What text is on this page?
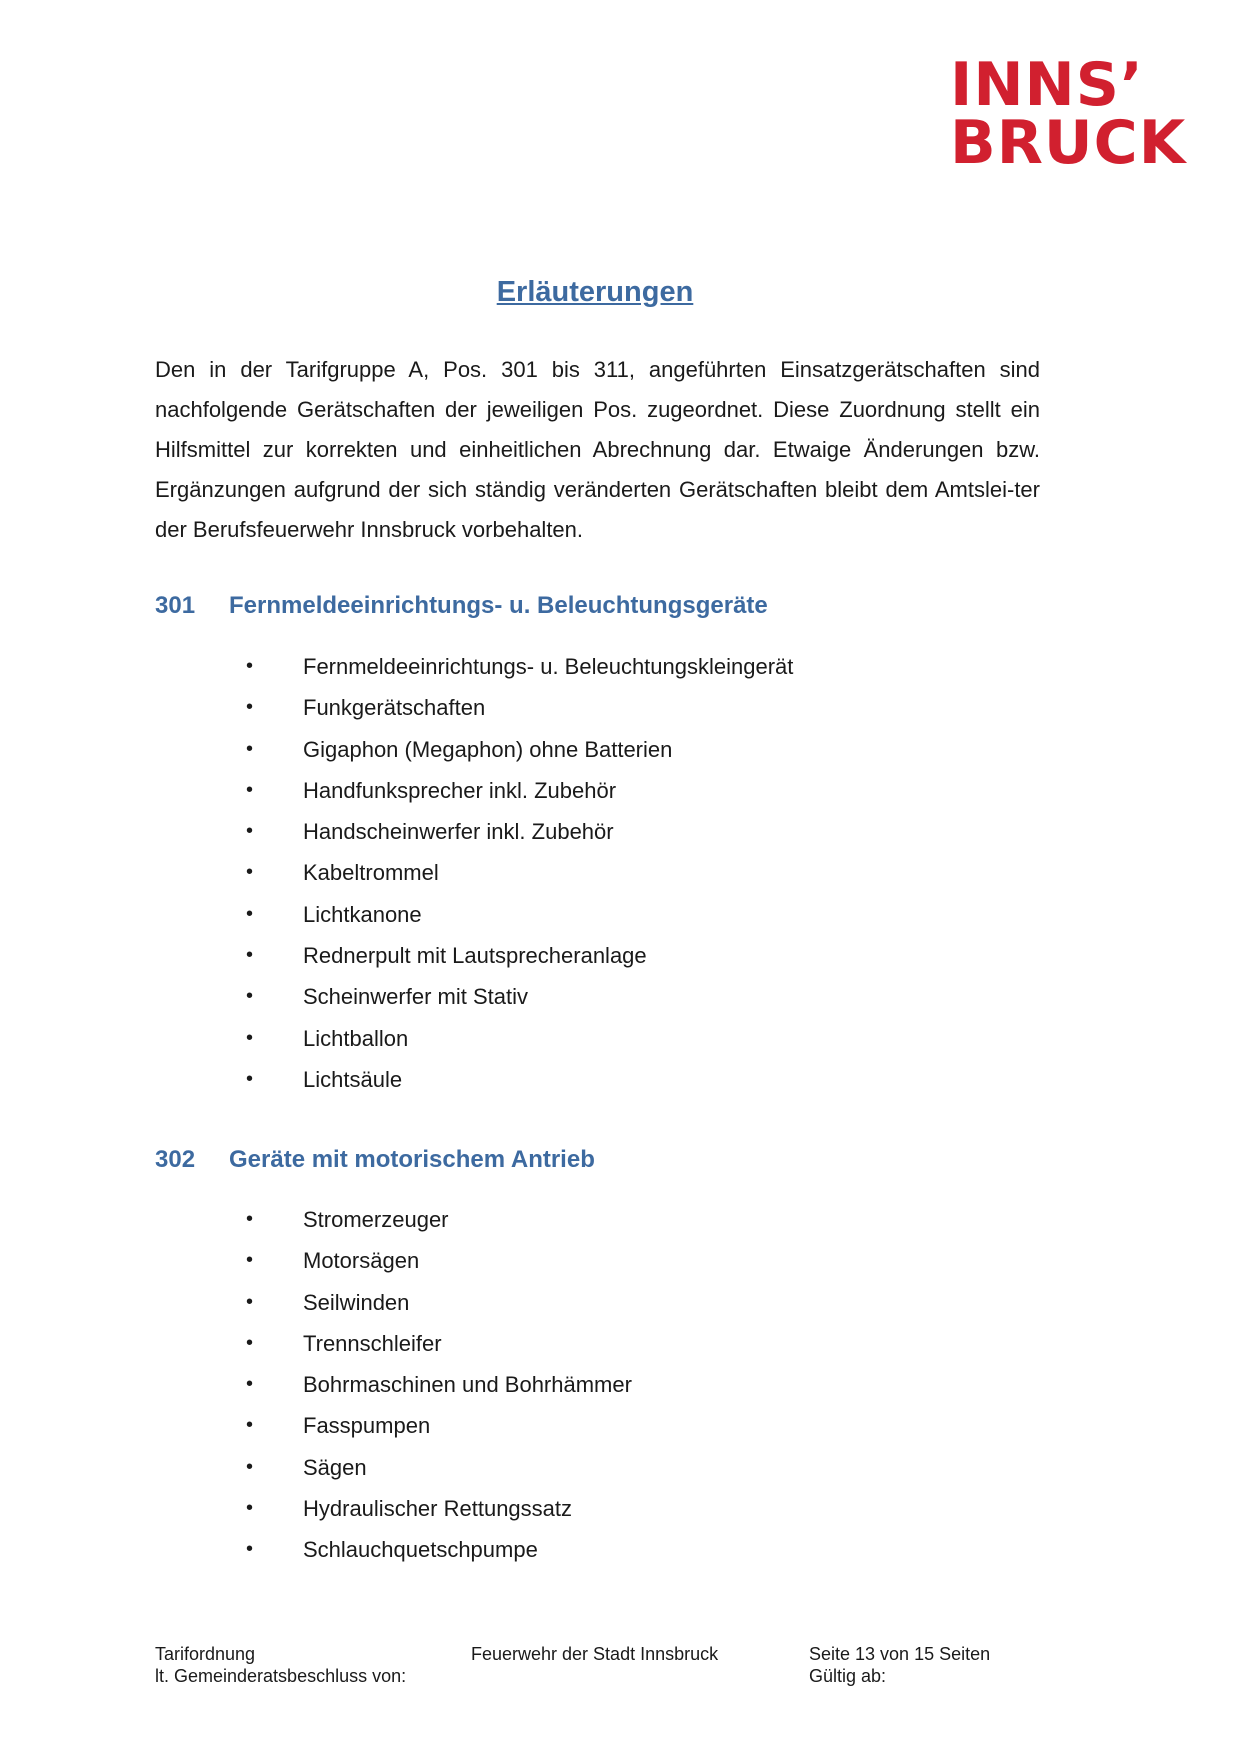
INNS’
BRUCK
Erläuterungen
Den in der Tarifgruppe A, Pos. 301 bis 311, angeführten Einsatzgerätschaften sind nachfolgende Gerätschaften der jeweiligen Pos. zugeordnet. Diese Zuordnung stellt ein Hilfsmittel zur korrekten und einheitlichen Abrechnung dar. Etwaige Änderungen bzw. Ergänzungen aufgrund der sich ständig veränderten Gerätschaften bleibt dem Amtslei-ter der Berufsfeuerwehr Innsbruck vorbehalten.
301 Fernmeldeeinrichtungs- u. Beleuchtungsgeräte
• Fernmeldeeinrichtungs- u. Beleuchtungskleingerät
• Funkgerätschaften
• Gigaphon (Megaphon) ohne Batterien
• Handfunksprecher inkl. Zubehör
• Handscheinwerfer inkl. Zubehör
• Kabeltrommel
• Lichtkanone
• Rednerpult mit Lautsprecheranlage
• Scheinwerfer mit Stativ
• Lichtballon
• Lichtsäule
302 Geräte mit motorischem Antrieb
• Stromerzeuger
• Motorsägen
• Seilwinden
• Trennschleifer
• Bohrmaschinen und Bohrhämmer
• Fasspumpen
• Sägen
• Hydraulischer Rettungssatz
• Schlauchquetschpumpe
Tarifordnung
lt. Gemeinderatsbeschluss von:
Feuerwehr der Stadt Innsbruck	Seite 13 von 15 Seiten
Gültig ab:
